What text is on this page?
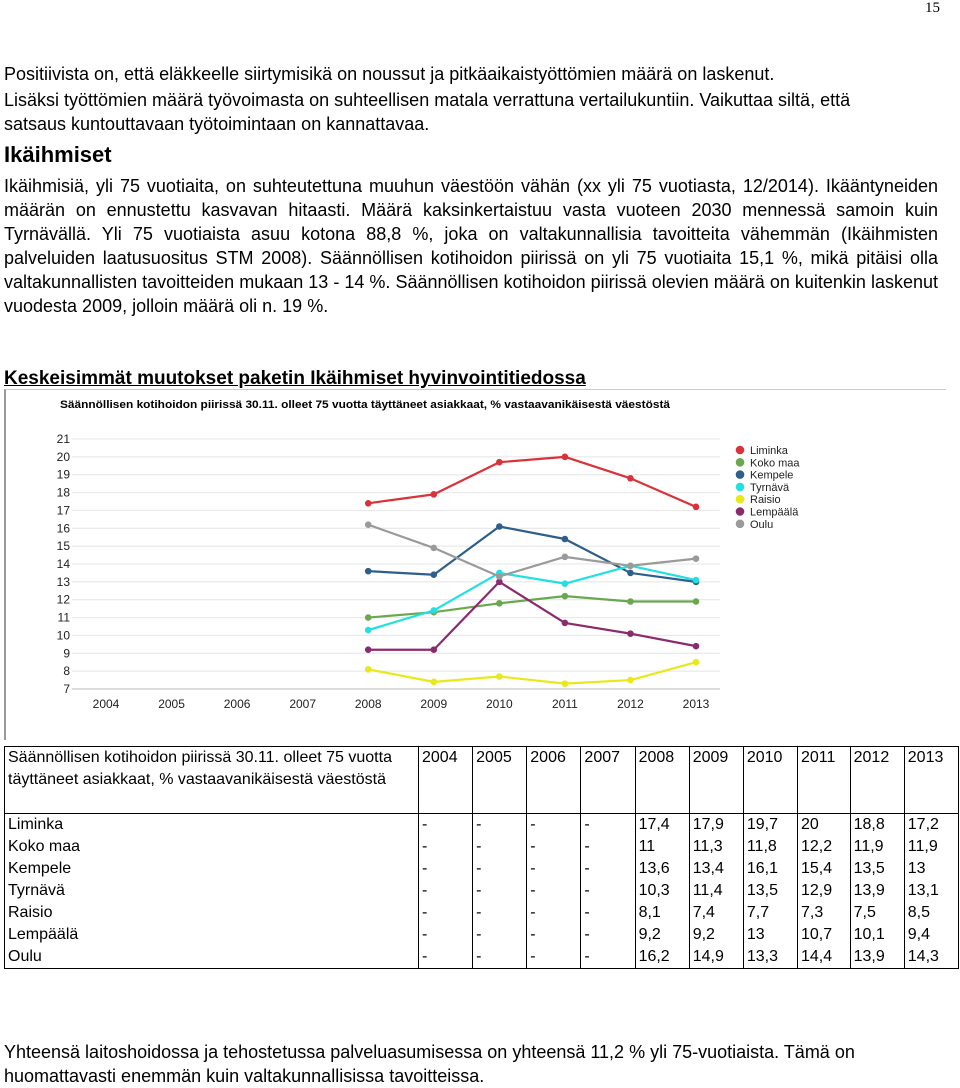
15

Positiivista on, että eläkkeelle siirtymisikä on noussut ja pitkäaikaistyöttömien määrä on laskenut.

Lisäksi työttömien määrä työvoimasta on suhteellisen matala verrattuna vertailukuntiin. Vaikuttaa siltä, että satsaus kuntouttavaan työtoimintaan on kannattavaa.

Ikäihmiset

Ikäihmisiä, yli 75 vuotiaita, on suhteutettuna muuhun väestöön vähän (xx yli 75 vuotiasta, 12/2014). Ikääntyneiden määrän on ennustettu kasvavan hitaasti. Määrä kaksinkertaistuu vasta vuoteen 2030 mennessä samoin kuin Tyrnävällä. Yli 75 vuotiaista asuu kotona 88,8 %, joka on valtakunnallisia tavoitteita vähemmän (Ikäihmisten palveluiden laatusuositus STM 2008). Säännöllisen kotihoidon piirissä on yli 75 vuotiaita 15,1 %, mikä pitäisi olla valtakunnallisten tavoitteiden mukaan 13 - 14 %. Säännöllisen kotihoidon piirissä olevien määrä on kuitenkin laskenut vuodesta 2009, jolloin määrä oli n. 19 %.

Keskeisimmät muutokset paketin Ikäihmiset hyvinvointitiedossa
Säännöllisen kotihoidon piirissä 30.11. olleet 75 vuotta täyttäneet asiakkaat, % vastaavanikäisestä väestöstä
7
8
9
10
11
12
13
14
15
16
17
18
19
20
21
2004	2005	2006	2007	2008	2009	2010	2011	2012	2013
Liminka
Koko maa
Kempele
Tyrnävä
Raisio
Lempäälä
Oulu
Säännöllisen kotihoidon piirissä 30.11. olleet 75 vuotta täyttäneet asiakkaat, % vastaavanikäisestä väestöstä	2004	2005	2006	2007	2008	2009	2010	2011	2012	2013
Liminka	-	-	-	-	17,4	17,9	19,7	20	18,8	17,2
Koko maa	-	-	-	-	11	11,3	11,8	12,2	11,9	11,9
Kempele	-	-	-	-	13,6	13,4	16,1	15,4	13,5	13
Tyrnävä	-	-	-	-	10,3	11,4	13,5	12,9	13,9	13,1
Raisio	-	-	-	-	8,1	7,4	7,7	7,3	7,5	8,5
Lempäälä	-	-	-	-	9,2	9,2	13	10,7	10,1	9,4
Oulu	-	-	-	-	16,2	14,9	13,3	14,4	13,9	14,3

Yhteensä laitoshoidossa ja tehostetussa palveluasumisessa on yhteensä 11,2 % yli 75-vuotiaista. Tämä on huomattavasti enemmän kuin valtakunnallisissa tavoitteissa.
